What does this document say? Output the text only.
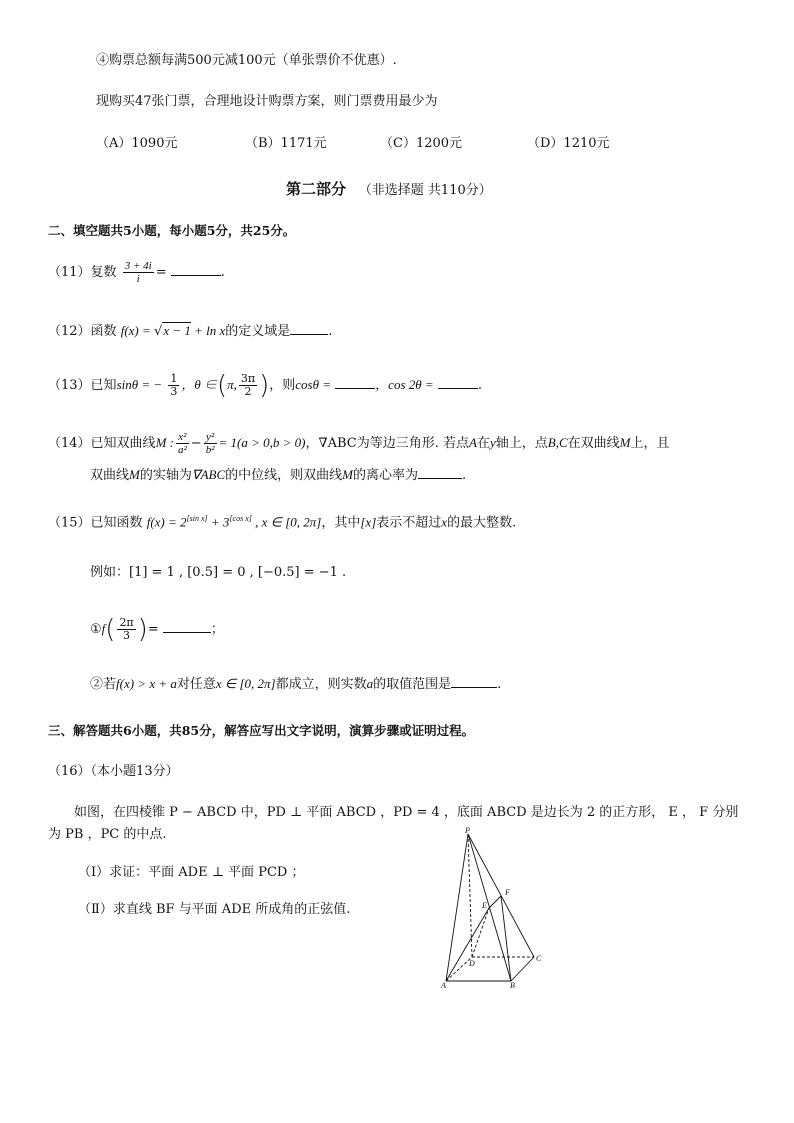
④购票总额每满500元减100元（单张票价不优惠）.
现购买47张门票，合理地设计购票方案，则门票费用最少为
（A）1090元	（B）1171元	（C）1200元	（D）1210元
第二部分 （非选择题 共110分）
二、填空题共5小题，每小题5分，共25分。
（11）复数 $\frac{3 + 4i}{i}$ =	.
（12）函数 f(x) = √x − 1 + ln x的定义域是	.
（13）已知sinθ = − $\frac{1}{3}$ ，θ ∈(π, $\frac{3\pi}{2}$ )，则cosθ =	，cos 2θ =	.
（14）已知双曲线M : $\frac{\text{x²}}{\text{a²}} - \frac{\text{y²}}{\text{b²}} = 1(a > 0,b > 0)$，∇ABC为等边三角形. 若点A在y轴上，点B,C在双曲线M上，且
双曲线M的实轴为∇ABC的中位线，则双曲线M的离心率为	.
（15）已知函数 f(x) = 2[sin x] + 3[cos x] , x ∈ [0, 2π]，其中[x]表示不超过x的最大整数.
例如：[1] = 1 , [0.5] = 0 , [−0.5] = −1 .
①f( $\frac{2\pi}{3}$ )=	；
②若f(x) > x + a对任意x ∈ [0, 2π]都成立，则实数a的取值范围是	.
三、解答题共6小题，共85分，解答应写出文字说明，演算步骤或证明过程。
（16）（本小题13分）
如图，在四棱锥 P − ABCD 中，PD ⊥ 平面 ABCD ，PD = 4 ，底面 ABCD 是边长为 2 的正方形， E ， F 分别
为 PB ，PC 的中点.
（Ⅰ）求证：平面 ADE ⊥ 平面 PCD ；
（Ⅱ）求直线 BF 与平面 ADE 所成角的正弦值.
P
F
E
D
C
A	B
